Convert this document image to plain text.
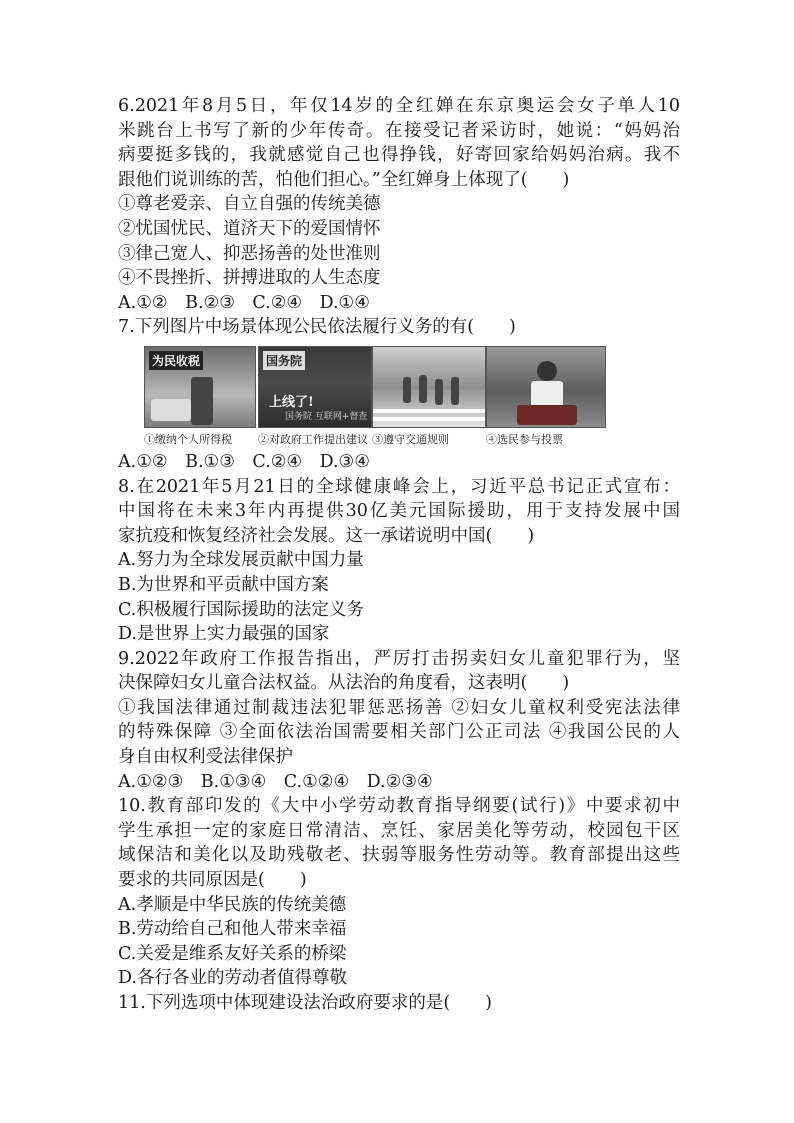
6.2021年8月5日，年仅14岁的全红婵在东京奥运会女子单人10
米跳台上书写了新的少年传奇。在接受记者采访时，她说：“妈妈治
病要挺多钱的，我就感觉自己也得挣钱，好寄回家给妈妈治病。我不
跟他们说训练的苦，怕他们担心。”全红婵身上体现了(　　)
①尊老爱亲、自立自强的传统美德
②忧国忧民、道济天下的爱国情怀
③律己宽人、抑恶扬善的处世准则
④不畏挫折、拼搏进取的人生态度
A.①②　B.②③　C.②④　D.①④
7.下列图片中场景体现公民依法履行义务的有(　　)
为民收税
①缴纳个人所得税
国务院
上线了!
国务院 互联网+督查
②对政府工作提出建议 ③遵守交通规则	④选民参与投票
A.①②　B.①③　C.②④　D.③④
8.在2021年5月21日的全球健康峰会上，习近平总书记正式宣布：
中国将在未来3年内再提供30亿美元国际援助，用于支持发展中国
家抗疫和恢复经济社会发展。这一承诺说明中国(　　)
A.努力为全球发展贡献中国力量
B.为世界和平贡献中国方案
C.积极履行国际援助的法定义务
D.是世界上实力最强的国家
9.2022年政府工作报告指出，严厉打击拐卖妇女儿童犯罪行为，坚
决保障妇女儿童合法权益。从法治的角度看，这表明(　　)
①我国法律通过制裁违法犯罪惩恶扬善 ②妇女儿童权利受宪法法律
的特殊保障 ③全面依法治国需要相关部门公正司法 ④我国公民的人
身自由权利受法律保护
A.①②③　B.①③④　C.①②④　D.②③④
10.教育部印发的《大中小学劳动教育指导纲要(试行)》中要求初中
学生承担一定的家庭日常清洁、烹饪、家居美化等劳动，校园包干区
域保洁和美化以及助残敬老、扶弱等服务性劳动等。教育部提出这些
要求的共同原因是(　　)
A.孝顺是中华民族的传统美德
B.劳动给自己和他人带来幸福
C.关爱是维系友好关系的桥梁
D.各行各业的劳动者值得尊敬
11.下列选项中体现建设法治政府要求的是(　　)
